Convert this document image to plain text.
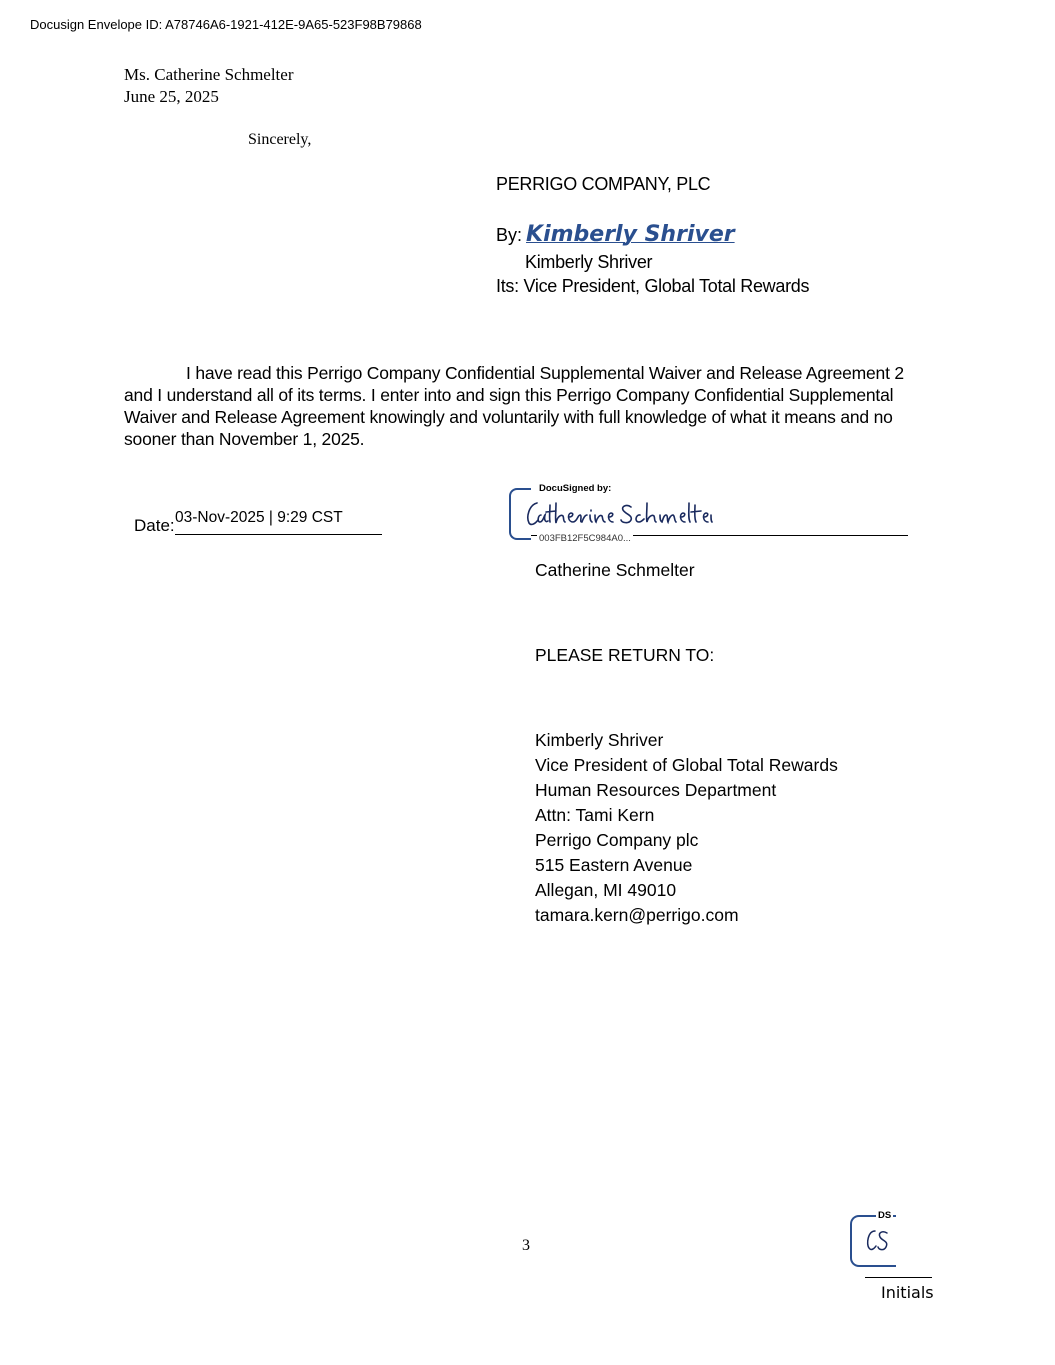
Docusign Envelope ID: A78746A6-1921-412E-9A65-523F98B79868
Ms. Catherine Schmelter
June 25, 2025
Sincerely,
PERRIGO COMPANY, PLC
By: Kimberly Shriver
Kimberly Shriver
Its: Vice President, Global Total Rewards

I have read this Perrigo Company Confidential Supplemental Waiver and Release Agreement 2 and I understand all of its terms. I enter into and sign this Perrigo Company Confidential Supplemental Waiver and Release Agreement knowingly and voluntarily with full knowledge of what it means and no sooner than November 1, 2025.

Date: 03-Nov-2025 | 9:29 CST
DocuSigned by:
003FB12F5C984A0...
Catherine Schmelter
PLEASE RETURN TO:
Kimberly Shriver
Vice President of Global Total Rewards
Human Resources Department
Attn: Tami Kern
Perrigo Company plc
515 Eastern Avenue
Allegan, MI 49010
tamara.kern@perrigo.com
3
DS
Initials
